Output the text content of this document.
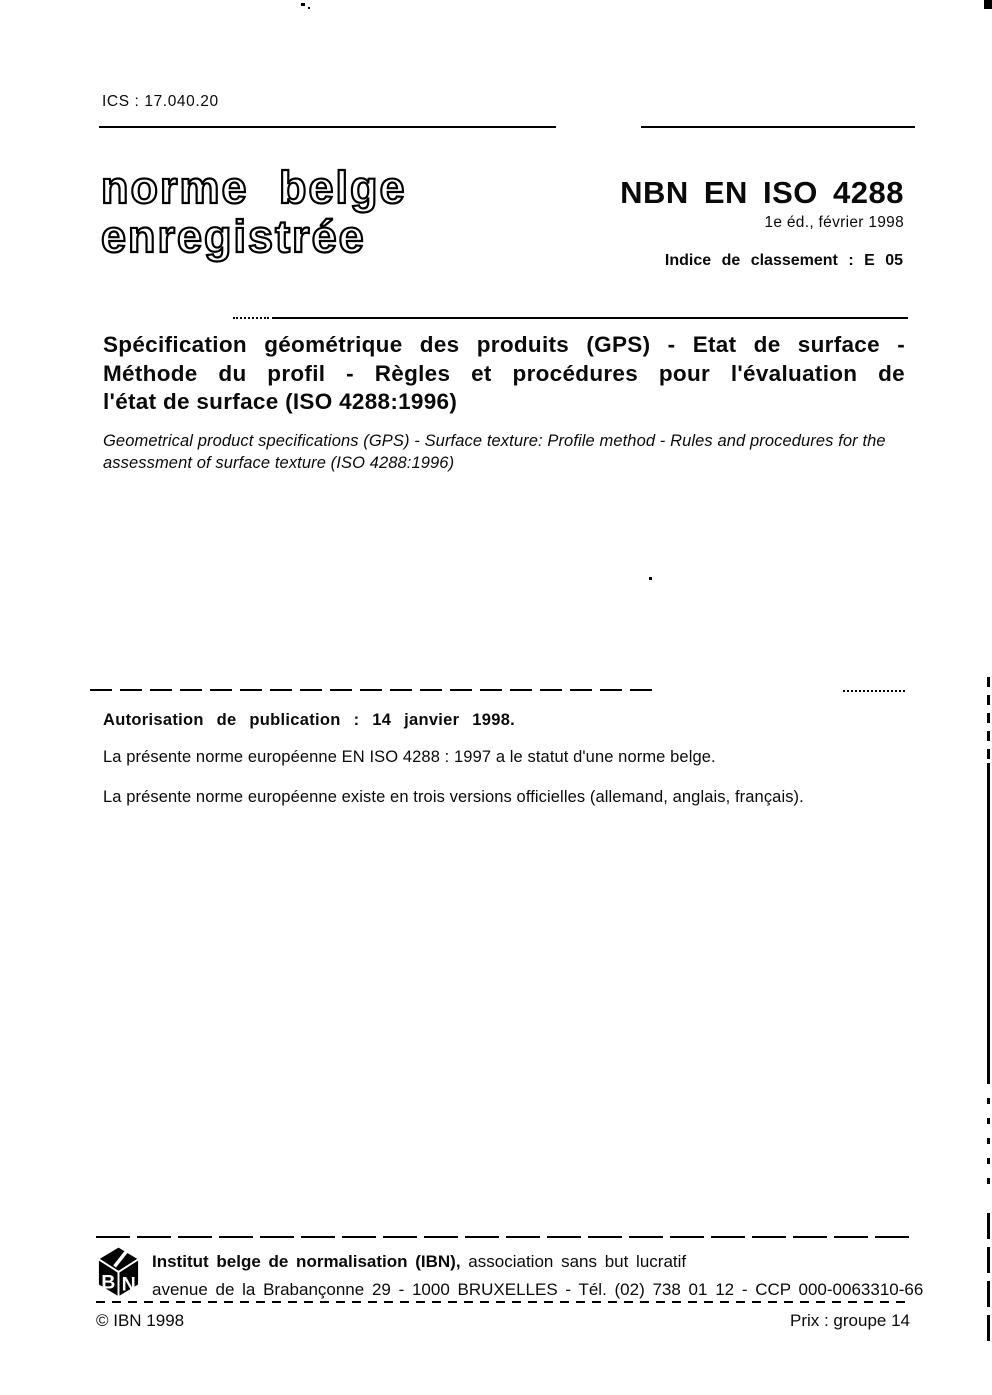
ICS : 17.040.20
norme belge
enregistrée
NBN EN ISO 4288
1e éd., février 1998
Indice de classement : E 05
Spécification géométrique des produits (GPS) - Etat de surface -
Méthode du profil - Règles et procédures pour l'évaluation de
l'état de surface (ISO 4288:1996)
Geometrical product specifications (GPS) - Surface texture: Profile method - Rules and procedures for the
assessment of surface texture (ISO 4288:1996)
Autorisation de publication : 14 janvier 1998.
La présente norme européenne EN ISO 4288 : 1997 a le statut d'une norme belge.
La présente norme européenne existe en trois versions officielles (allemand, anglais, français).
B N
Institut belge de normalisation (IBN), association sans but lucratif
avenue de la Brabançonne 29 - 1000 BRUXELLES - Tél. (02) 738 01 12 - CCP 000-0063310-66
© IBN 1998	Prix : groupe 14
